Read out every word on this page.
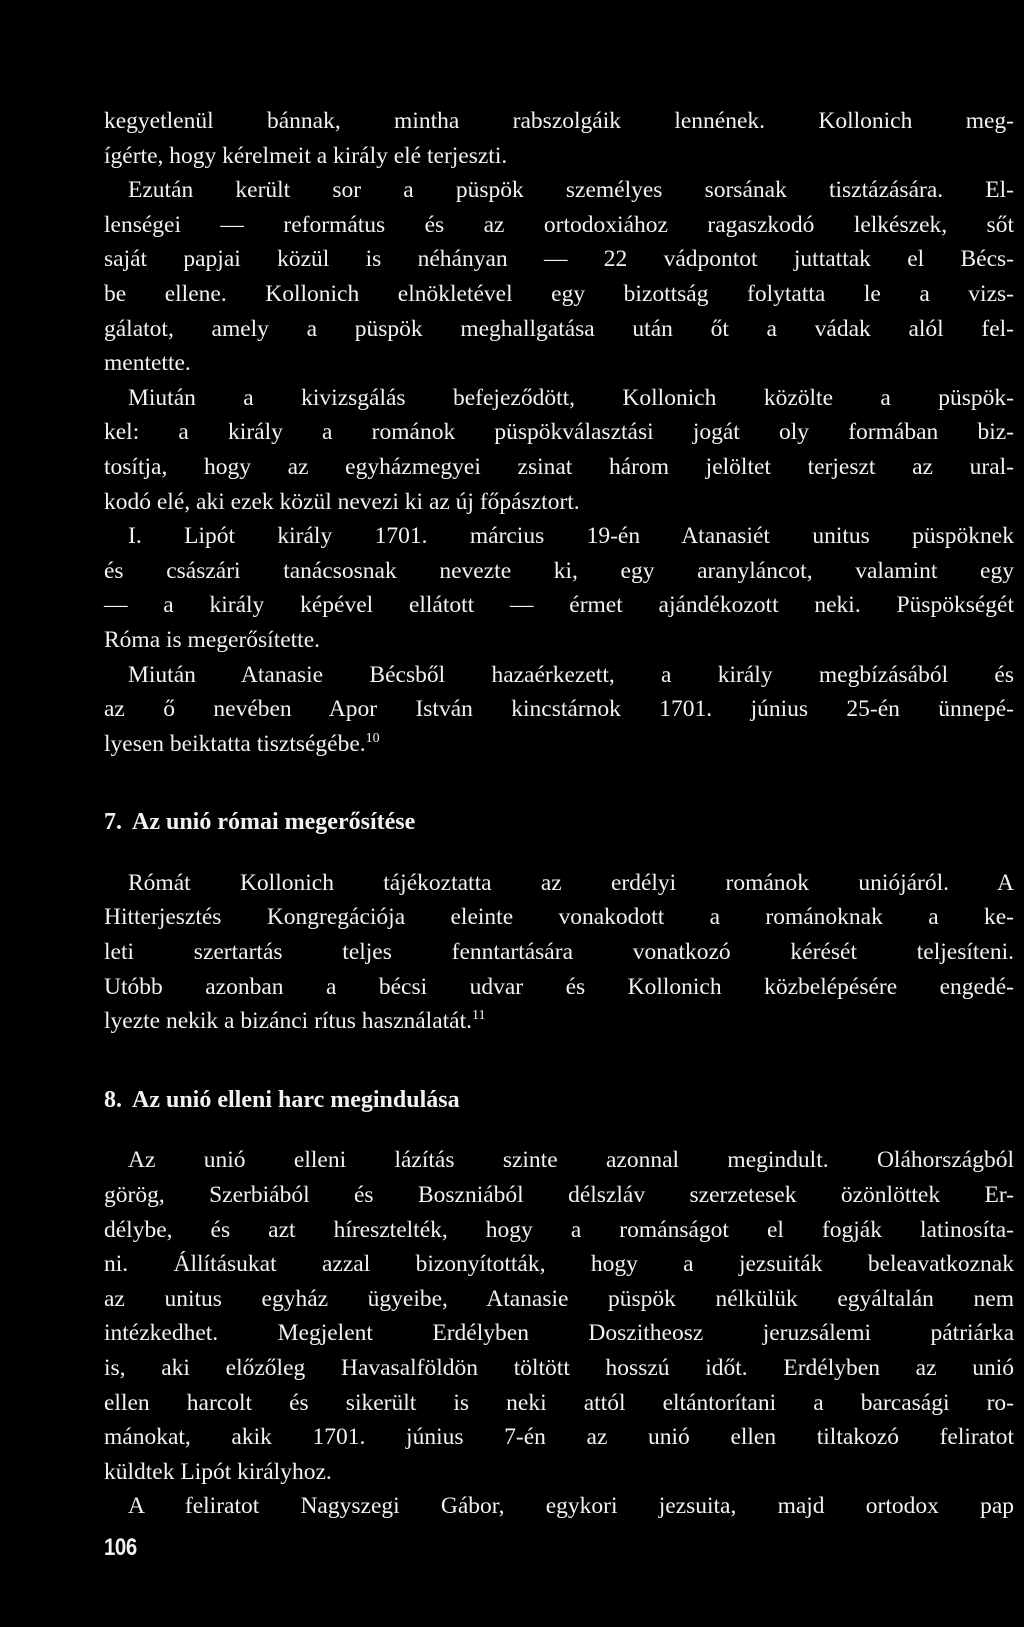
kegyetlenül bánnak, mintha rabszolgáik lennének. Kollonich meg-
ígérte, hogy kérelmeit a király elé terjeszti.
Ezután került sor a püspök személyes sorsának tisztázására. El-
lenségei — református és az ortodoxiához ragaszkodó lelkészek, sőt
saját papjai közül is néhányan — 22 vádpontot juttattak el Bécs-
be ellene. Kollonich elnökletével egy bizottság folytatta le a vizs-
gálatot, amely a püspök meghallgatása után őt a vádak alól fel-
mentette.
Miután a kivizsgálás befejeződött, Kollonich közölte a püspök-
kel: a király a románok püspökválasztási jogát oly formában biz-
tosítja, hogy az egyházmegyei zsinat három jelöltet terjeszt az ural-
kodó elé, aki ezek közül nevezi ki az új főpásztort.
I. Lipót király 1701. március 19-én Atanasiét unitus püspöknek
és császári tanácsosnak nevezte ki, egy aranyláncot, valamint egy
— a király képével ellátott — érmet ajándékozott neki. Püspökségét
Róma is megerősítette.
Miután Atanasie Bécsből hazaérkezett, a király megbízásából és
az ő nevében Apor István kincstárnok 1701. június 25-én ünnepé-
lyesen beiktatta tisztségébe.$^{10}$
7. Az unió római megerősítése
Rómát Kollonich tájékoztatta az erdélyi románok uniójáról. A
Hitterjesztés Kongregációja eleinte vonakodott a románoknak a ke-
leti szertartás teljes fenntartására vonatkozó kérését teljesíteni.
Utóbb azonban a bécsi udvar és Kollonich közbelépésére engedé-
lyezte nekik a bizánci rítus használatát.$^{11}$
8. Az unió elleni harc megindulása
Az unió elleni lázítás szinte azonnal megindult. Oláhországból
görög, Szerbiából és Boszniából délszláv szerzetesek özönlöttek Er-
délybe, és azt híresztelték, hogy a románságot el fogják latinosíta-
ni. Állításukat azzal bizonyították, hogy a jezsuiták beleavatkoznak
az unitus egyház ügyeibe, Atanasie püspök nélkülük egyáltalán nem
intézkedhet. Megjelent Erdélyben Doszitheosz jeruzsálemi pátriárka
is, aki előzőleg Havasalföldön töltött hosszú időt. Erdélyben az unió
ellen harcolt és sikerült is neki attól eltántorítani a barcasági ro-
mánokat, akik 1701. június 7-én az unió ellen tiltakozó feliratot
küldtek Lipót királyhoz.
A feliratot Nagyszegi Gábor, egykori jezsuita, majd ortodox pap
106
